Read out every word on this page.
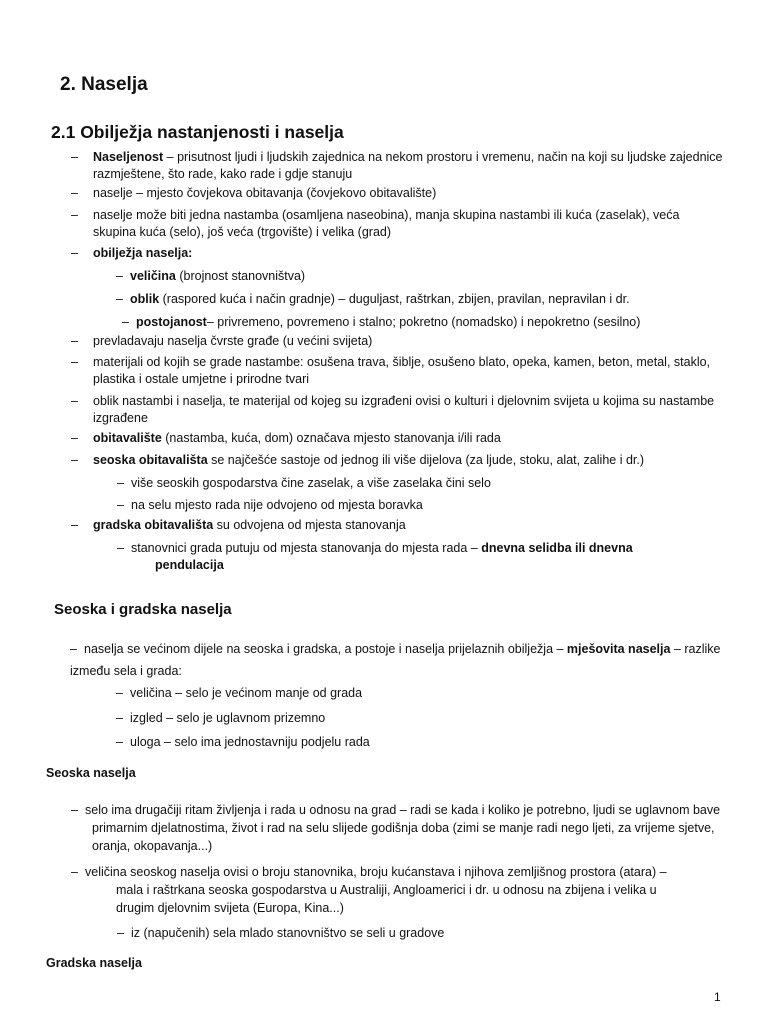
2. Naselja
2.1 Obilježja nastanjenosti i naselja
– Naseljenost – prisutnost ljudi i ljudskih zajednica na nekom prostoru i vremenu, način na koji su ljudske zajednice razmještene, što rade, kako rade i gdje stanuju
– naselje – mjesto čovjekova obitavanja (čovjekovo obitavalište)
– naselje može biti jedna nastamba (osamljena naseobina), manja skupina nastambi ili kuća (zaselak), veća skupina kuća (selo), još veća (trgovište) i velika (grad)
– obilježja naselja:
– veličina (brojnost stanovništva)
– oblik (raspored kuća i način gradnje) – duguljast, raštrkan, zbijen, pravilan, nepravilan i dr.
– postojanost– privremeno, povremeno i stalno; pokretno (nomadsko) i nepokretno (sesilno)
– prevladavaju naselja čvrste građe (u većini svijeta)
– materijali od kojih se grade nastambe: osušena trava, šiblje, osušeno blato, opeka, kamen, beton, metal, staklo, plastika i ostale umjetne i prirodne tvari
– oblik nastambi i naselja, te materijal od kojeg su izgrađeni ovisi o kulturi i djelovnim svijeta u kojima su nastambe izgrađene
– obitavalište (nastamba, kuća, dom) označava mjesto stanovanja i/ili rada
– seoska obitavališta se najčešće sastoje od jednog ili više dijelova (za ljude, stoku, alat, zalihe i dr.)
– više seoskih gospodarstva čine zaselak, a više zaselaka čini selo
– na selu mjesto rada nije odvojeno od mjesta boravka
– gradska obitavališta su odvojena od mjesta stanovanja
– stanovnici grada putuju od mjesta stanovanja do mjesta rada – dnevna selidba ili dnevna pendulacija
Seoska i gradska naselja
– naselja se većinom dijele na seoska i gradska, a postoje i naselja prijelaznih obilježja – mješovita naselja – razlike između sela i grada:
– veličina – selo je većinom manje od grada
– izgled – selo je uglavnom prizemno
– uloga – selo ima jednostavniju podjelu rada
Seoska naselja
– selo ima drugačiji ritam življenja i rada u odnosu na grad – radi se kada i koliko je potrebno, ljudi se uglavnom bave primarnim djelatnostima, život i rad na selu slijede godišnja doba (zimi se manje radi nego ljeti, za vrijeme sjetve, oranja, okopavanja...)
– veličina seoskog naselja ovisi o broju stanovnika, broju kućanstava i njihova zemljišnog prostora (atara) – mala i raštrkana seoska gospodarstva u Australiji, Angloamerici i dr. u odnosu na zbijena i velika u drugim djelovnim svijeta (Europa, Kina...)
– iz (napučenih) sela mlado stanovništvo se seli u gradove
Gradska naselja
1
